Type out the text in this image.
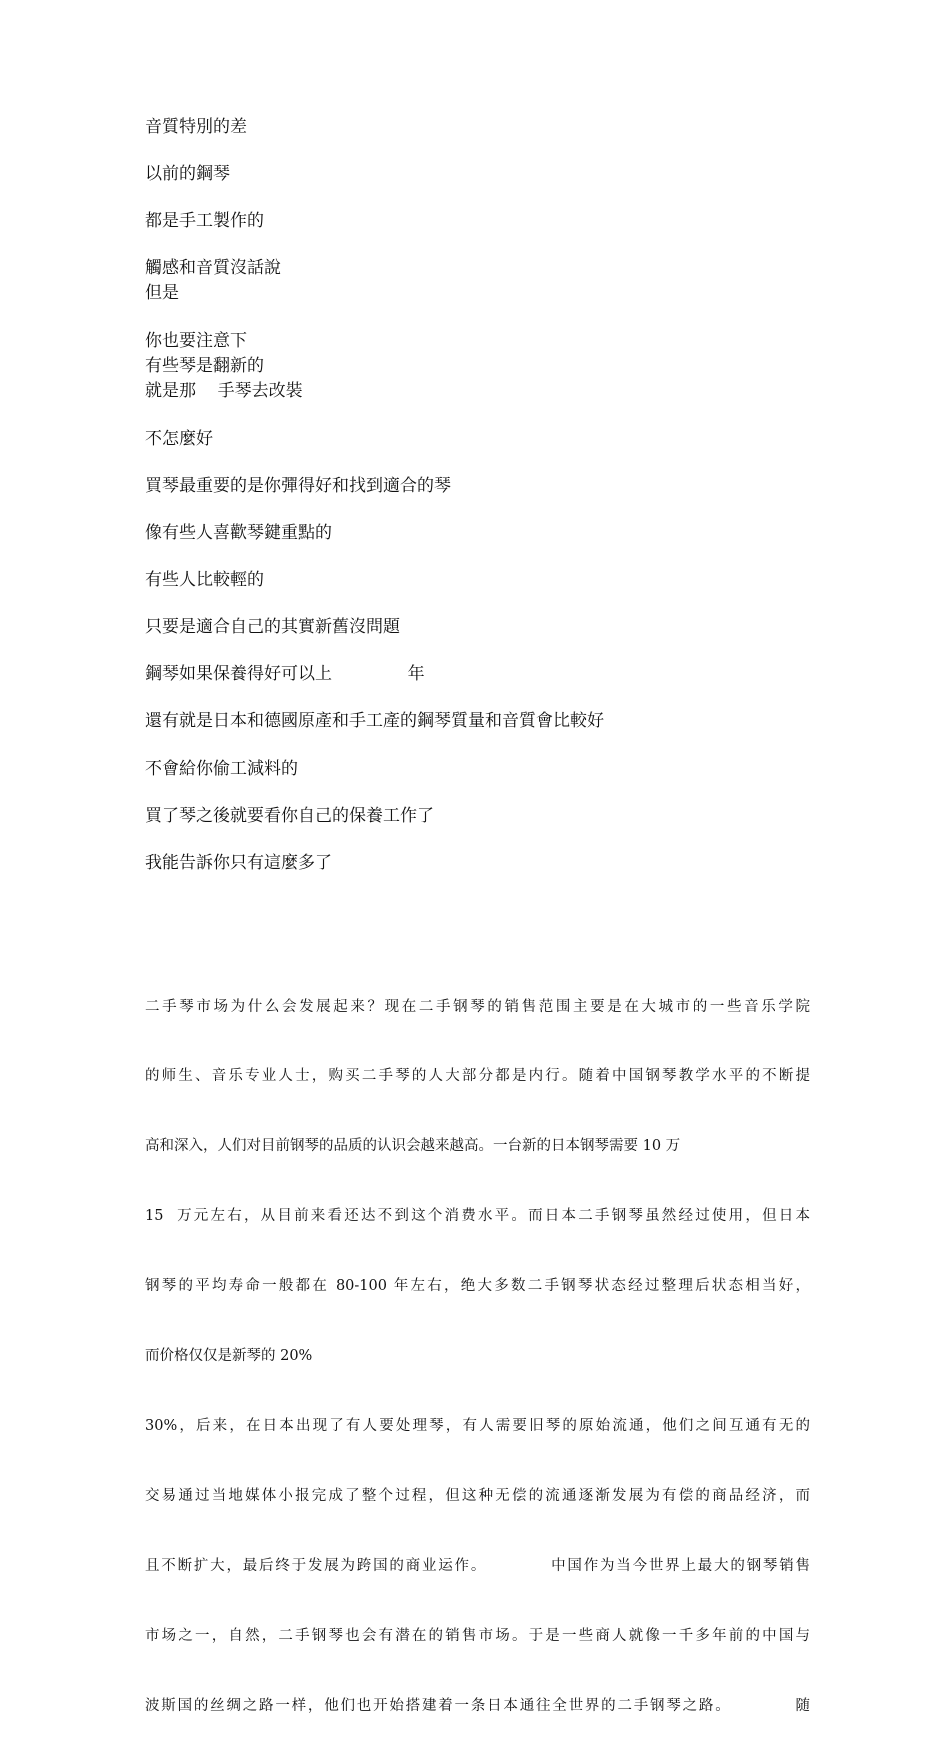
音質特別的差
以前的鋼琴
都是手工製作的
觸感和音質沒話說
但是
你也要注意下
有些琴是翻新的
就是那    手琴去改裝
不怎麼好
買琴最重要的是你彈得好和找到適合的琴
像有些人喜歡琴鍵重點的
有些人比較輕的
只要是適合自己的其實新舊沒問題
鋼琴如果保養得好可以上              年
還有就是日本和德國原產和手工產的鋼琴質量和音質會比較好
不會給你偷工減料的
買了琴之後就要看你自己的保養工作了
我能告訴你只有這麼多了

二手琴市场为什么会发展起来？现在二手钢琴的销售范围主要是在大城市的一些音乐学院

的师生、音乐专业人士，购买二手琴的人大部分都是内行。随着中国钢琴教学水平的不断提

高和深入，人们对目前钢琴的品质的认识会越来越高。一台新的日本钢琴需要 10 万

15  万元左右，从目前来看还达不到这个消费水平。而日本二手钢琴虽然经过使用，但日本

钢琴的平均寿命一般都在 80-100 年左右，绝大多数二手钢琴状态经过整理后状态相当好，

而价格仅仅是新琴的 20%

30%，后来，在日本出现了有人要处理琴，有人需要旧琴的原始流通，他们之间互通有无的

交易通过当地媒体小报完成了整个过程，但这种无偿的流通逐渐发展为有偿的商品经济，而

且不断扩大，最后终于发展为跨国的商业运作。          中国作为当今世界上最大的钢琴销售

市场之一，自然，二手钢琴也会有潜在的销售市场。于是一些商人就像一千多年前的中国与

波斯国的丝绸之路一样，他们也开始搭建着一条日本通往全世界的二手钢琴之路。          随
